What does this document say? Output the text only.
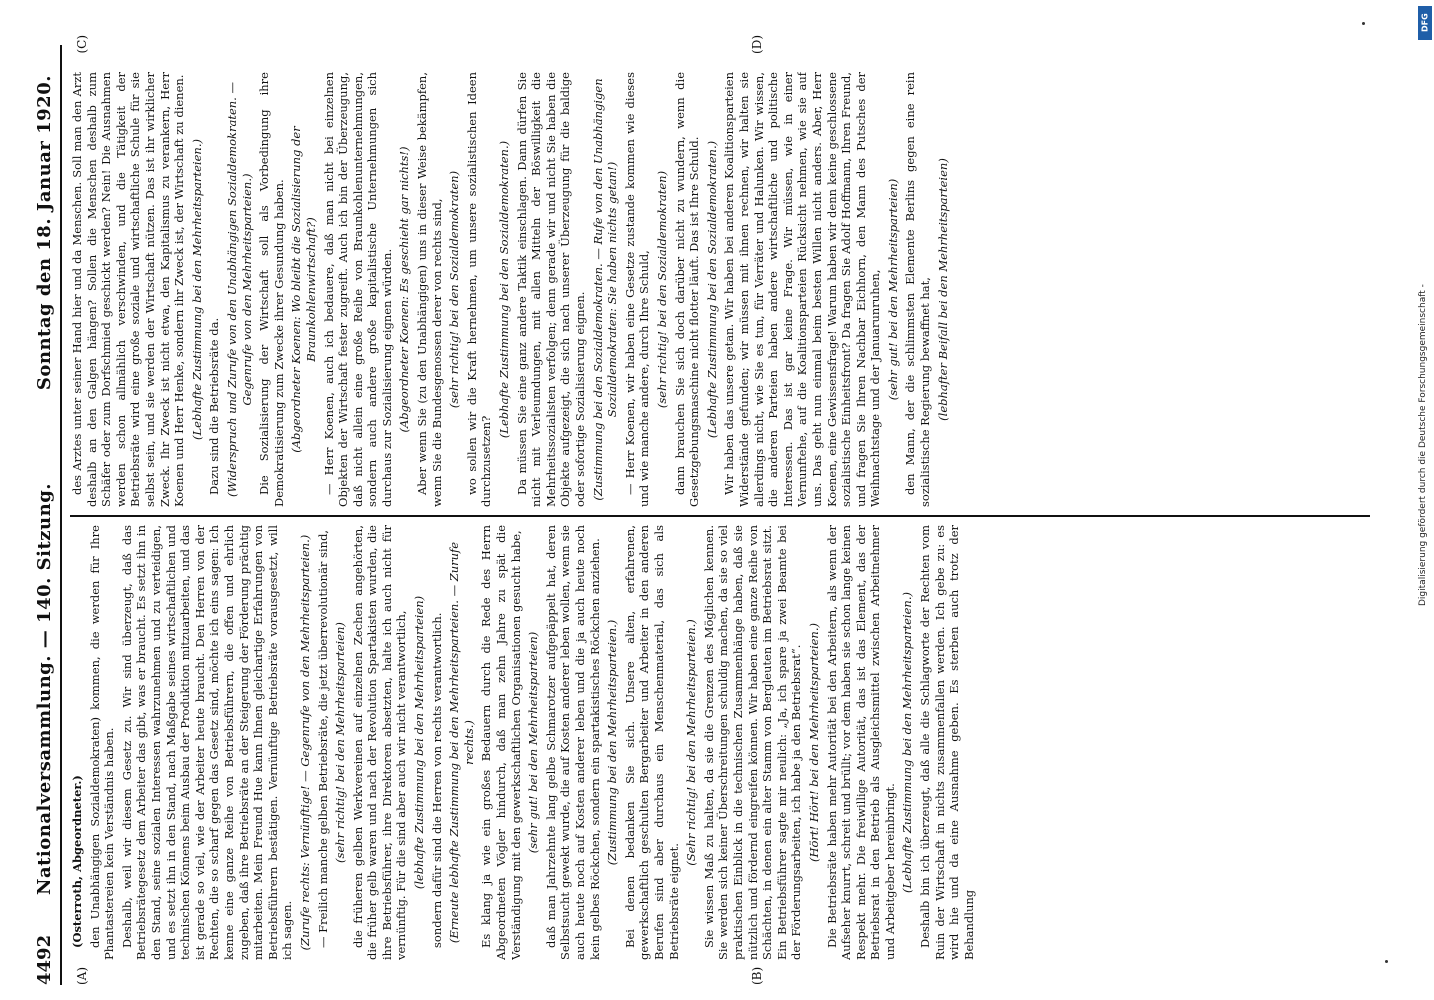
4492
Nationalversammlung. — 140. Sitzung.
Sonntag den 18. Januar 1920.
(A)	(B)
(C)	(D)

(Osterroth, Abgeordneter.) den Unabhängigen Sozialdemokraten) kommen, die werden für Ihre Phantastereien kein Verständnis haben. Deshalb, weil wir diesem Gesetz zu. Wir sind überzeugt, daß das Betriebsrätegesetz dem Arbeiter das gibt, was er braucht. Es setzt ihn in den Stand, seine sozialen Interessen wahrzunehmen und zu verteidigen, und es setzt ihn in den Stand, nach Maßgabe seines wirtschaftlichen und technischen Könnens beim Ausbau der Produktion mitzuarbeiten, und das ist gerade so viel, wie der Arbeiter heute braucht. Den Herren von der Rechten, die so scharf gegen das Gesetz sind, möchte ich eins sagen: Ich kenne eine ganze Reihe von Betriebsführern, die offen und ehrlich zugeben, daß ihre Betriebsräte an der Steigerung der Förderung prächtig mitarbeiten. Mein Freund Hue kann Ihnen gleichartige Erfahrungen von Betriebsführern bestätigen. Vernünftige Betriebsräte vorausgesetzt, will ich sagen. (Zurufe rechts: Vernünftige! — Gegenrufe von den Mehrheitsparteien.) — Freilich manche gelben Betriebsräte, die jetzt überrevolutionär sind, (sehr richtig! bei den Mehrheitsparteien) die früheren gelben Werkvereinen auf einzelnen Zechen angehörten, die früher gelb waren und nach der Revolution Spartakisten wurden, die ihre Betriebsführer, ihre Direktoren absetzten, halte ich auch nicht für vernünftig. Für die sind aber auch wir nicht verantwortlich, (lebhafte Zustimmung bei den Mehrheitsparteien) sondern dafür sind die Herren von rechts verantwortlich. (Erneute lebhafte Zustimmung bei den Mehrheitsparteien. — Zurufe rechts.) Es klang ja wie ein großes Bedauern durch die Rede des Herrn Abgeordneten Vögler hindurch, daß man zehn Jahre zu spät die Verständigung mit den gewerkschaftlichen Organisationen gesucht habe, (sehr gut! bei den Mehrheitsparteien) daß man Jahrzehnte lang gelbe Schmarotzer aufgepäppelt hat, deren Selbstsucht gewekt wurde, die auf Kosten anderer leben wollen, wenn sie auch heute noch auf Kosten anderer leben und die ja auch heute noch kein gelbes Röckchen, sondern ein spartakistisches Röckchen anziehen. (Zustimmung bei den Mehrheitsparteien.) Bei denen bedanken Sie sich. Unsere alten, erfahrenen, gewerkschaftlich geschulten Bergarbeiter und Arbeiter in den anderen Berufen sind aber durchaus ein Menschenmaterial, das sich als Betriebsräte eignet.

(Sehr richtig! bei den Mehrheitsparteien.) Sie wissen Maß zu halten, da sie die Grenzen des Möglichen kennen. Sie werden sich keiner Überschreitungen schuldig machen, da sie so viel praktischen Einblick in die technischen Zusammenhänge haben, daß sie nützlich und fördernd eingreifen können. Wir haben eine ganze Reihe von Schächten, in denen ein alter Stamm von Bergleuten im Betriebsrat sitzt. Ein Betriebsführer sagte mir neulich: „Ja, ich spare ja zwei Beamte bei der Förderungsarbeiten, ich habe ja den Betriebsrat“. (Hört! Hört! bei den Mehrheitsparteien.) Die Betriebsräte haben mehr Autorität bei den Arbeitern, als wenn der Aufseher knurrt, schreit und brüllt; vor dem haben sie schon lange keinen Respekt mehr. Die freiwillige Autorität, das ist das Element, das der Betriebsrat in den Betrieb als Ausgleichsmittel zwischen Arbeitnehmer und Arbeitgeber hereinbringt. (Lebhafte Zustimmung bei den Mehrheitsparteien.) Deshalb bin ich überzeugt, daß alle die Schlagworte der Rechten vom Ruin der Wirtschaft in nichts zusammenfallen werden. Ich gebe zu: es wird hie und da eine Ausnahme geben. Es sterben auch trotz der Behandlung

des Arztes unter seiner Hand hier und da Menschen. Soll man den Arzt deshalb an den Galgen hängen? Sollen die Menschen deshalb zum Schäfer oder zum Dorfschmied geschickt werden? Nein! Die Ausnahmen werden schon allmählich verschwinden, und die Tätigkeit der Betriebsräte wird eine große soziale und wirtschaftliche Schule für sie selbst sein, und sie werden der Wirtschaft nützen. Das ist ihr wirklicher Zweck. Ihr Zweck ist nicht etwa, den Kapitalismus zu verankern, Herr Koenen und Herr Henke, sondern ihr Zweck ist, der Wirtschaft zu dienen. (Lebhafte Zustimmung bei den Mehrheitsparteien.) Dazu sind die Betriebsräte da. (Widerspruch und Zurufe von den Unabhängigen Sozialdemokraten. — Gegenrufe von den Mehrheitsparteien.) Die Sozialisierung der Wirtschaft soll als Vorbedingung ihre Demokratisierung zum Zwecke ihrer Gesundung haben. (Abgeordneter Koenen: Wo bleibt die Sozialisierung der Braunkohlenwirtschaft?) — Herr Koenen, auch ich bedauere, daß man nicht bei einzelnen Objekten der Wirtschaft fester zugreift. Auch ich bin der Überzeugung, daß nicht allein eine große Reihe von Braunkohlenunternehmungen, sondern auch andere große kapitalistische Unternehmungen sich durchaus zur Sozialisierung eignen würden. (Abgeordneter Koenen: Es geschieht gar nichts!) Aber wenn Sie (zu den Unabhängigen) uns in dieser Weise bekämpfen, wenn Sie die Bundesgenossen derer von rechts sind, (sehr richtig! bei den Sozialdemokraten) wo sollen wir die Kraft hernehmen, um unsere sozialistischen Ideen durchzusetzen?

(Lebhafte Zustimmung bei den Sozialdemokraten.) Da müssen Sie eine ganz andere Taktik einschlagen. Dann dürfen Sie nicht mit Verleumdungen, mit allen Mitteln der Böswilligkeit die Mehrheitssozialisten verfolgen; denn gerade wir und nicht Sie haben die Objekte aufgezeigt, die sich nach unserer Überzeugung für die baldige oder sofortige Sozialisierung eignen. (Zustimmung bei den Sozialdemokraten. — Rufe von den Unabhängigen Sozialdemokraten: Sie haben nichts getan!) — Herr Koenen, wir haben eine Gesetze zustande kommen wie dieses und wie manche andere, durch Ihre Schuld, (sehr richtig! bei den Sozialdemokraten) dann brauchen Sie sich doch darüber nicht zu wundern, wenn die Gesetzgebungsmaschine nicht flotter läuft. Das ist Ihre Schuld. (Lebhafte Zustimmung bei den Sozialdemokraten.) Wir haben das unsere getan. Wir haben bei anderen Koalitionsparteien Widerstände gefunden; wir müssen mit ihnen rechnen, wir halten sie allerdings nicht, wie Sie es tun, für Verräter und Halunken. Wir wissen, die anderen Parteien haben andere wirtschaftliche und politische Interessen. Das ist gar keine Frage. Wir müssen, wie in einer Vernunftehe, auf die Koalitionsparteien Rücksicht nehmen, wie sie auf uns. Das geht nun einmal beim besten Willen nicht anders. Aber, Herr Koenen, eine Gewissensfrage! Warum haben wir denn keine geschlossene sozialistische Einheitsfront? Da fragen Sie Adolf Hoffmann, Ihren Freund, und fragen Sie Ihren Nachbar Eichhorn, den Mann des Putsches der Weihnachtstage und der Januarunruhen, (sehr gut! bei den Mehrheitsparteien) den Mann, der die schlimmsten Elemente Berlins gegen eine rein sozialistische Regierung bewaffnet hat, (lebhafter Beifall bei den Mehrheitsparteien)

DFG
Digitalisierung gefördert durch die Deutsche Forschungsgemeinschaft -
